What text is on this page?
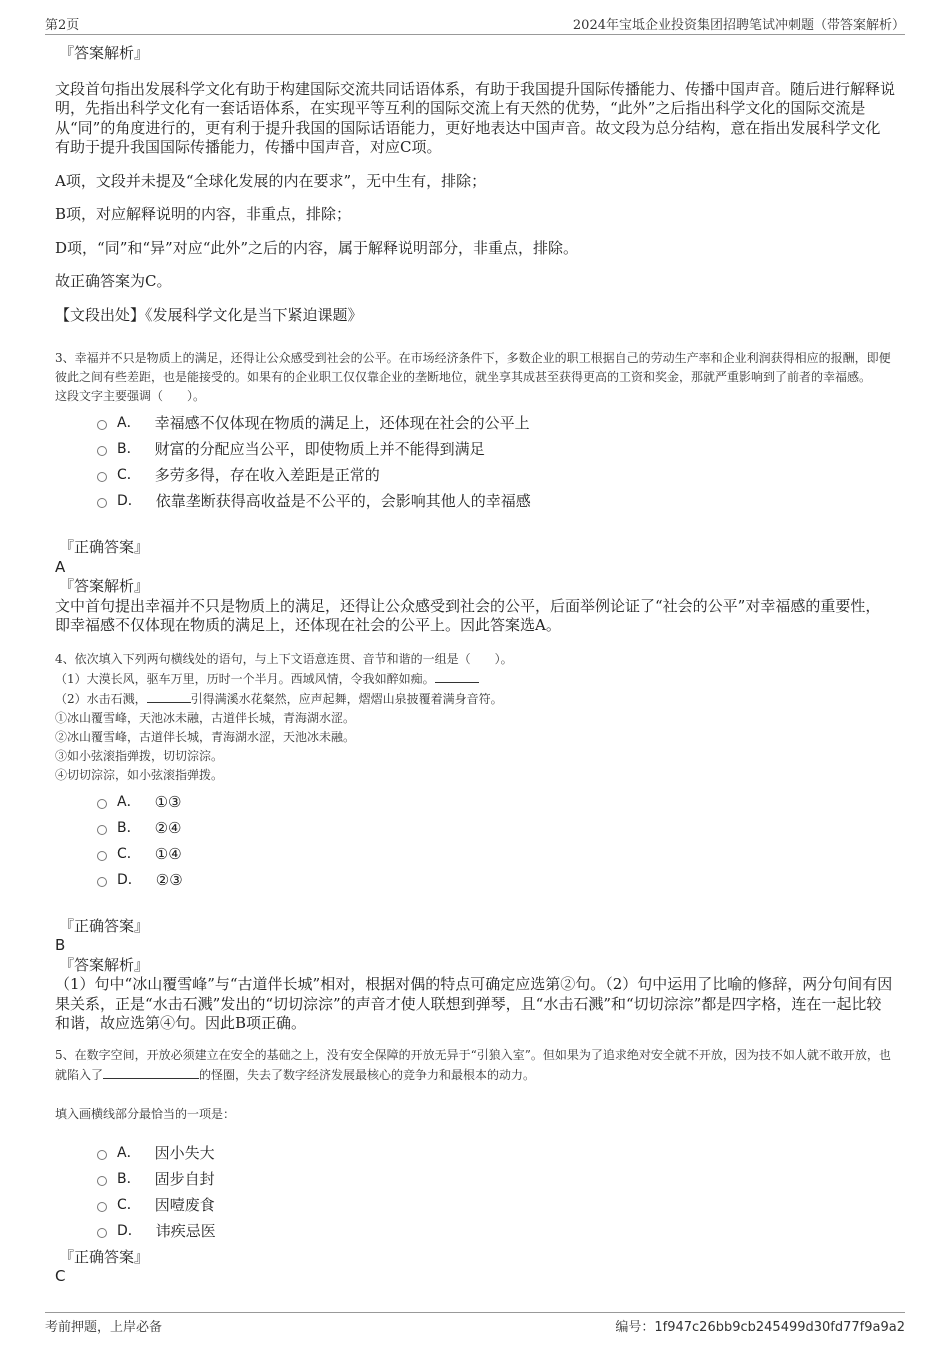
第2页	2024年宝坻企业投资集团招聘笔试冲刺题（带答案解析）
『答案解析』

文段首句指出发展科学文化有助于构建国际交流共同话语体系，有助于我国提升国际传播能力、传播中国声音。随后进行解释说明，先指出科学文化有一套话语体系，在实现平等互利的国际交流上有天然的优势，“此外”之后指出科学文化的国际交流是从“同”的角度进行的，更有利于提升我国的国际话语能力，更好地表达中国声音。故文段为总分结构，意在指出发展科学文化有助于提升我国国际传播能力，传播中国声音，对应C项。

A项，文段并未提及“全球化发展的内在要求”，无中生有，排除；

B项，对应解释说明的内容，非重点，排除；

D项，“同”和“异”对应“此外”之后的内容，属于解释说明部分，非重点，排除。

故正确答案为C。

【文段出处】《发展科学文化是当下紧迫课题》

3、幸福并不只是物质上的满足，还得让公众感受到社会的公平。在市场经济条件下，多数企业的职工根据自己的劳动生产率和企业利润获得相应的报酬，即便彼此之间有些差距，也是能接受的。如果有的企业职工仅仅靠企业的垄断地位，就坐享其成甚至获得更高的工资和奖金，那就严重影响到了前者的幸福感。

这段文字主要强调（　　）。

A． 幸福感不仅体现在物质的满足上，还体现在社会的公平上
B． 财富的分配应当公平，即使物质上并不能得到满足
C． 多劳多得，存在收入差距是正常的
D． 依靠垄断获得高收益是不公平的，会影响其他人的幸福感
『正确答案』
A
『答案解析』

文中首句提出幸福并不只是物质上的满足，还得让公众感受到社会的公平，后面举例论证了“社会的公平”对幸福感的重要性，即幸福感不仅体现在物质的满足上，还体现在社会的公平上。因此答案选A。

4、依次填入下列两句横线处的语句，与上下文语意连贯、音节和谐的一组是（　　）。

（1）大漠长风，驱车万里，历时一个半月。西域风情，令我如醉如痴。

（2）水击石溅，	引得满溪水花粲然，应声起舞，熠熠山泉披覆着满身音符。

①冰山覆雪峰，天池冰未融，古道伴长城，青海湖水涩。

②冰山覆雪峰，古道伴长城，青海湖水涩，天池冰未融。

③如小弦滚指弹拨，切切淙淙。

④切切淙淙，如小弦滚指弹拨。

A． ①③
B． ②④
C． ①④
D． ②③
『正确答案』
B
『答案解析』

（1）句中“冰山覆雪峰”与“古道伴长城”相对，根据对偶的特点可确定应选第②句。（2）句中运用了比喻的修辞，两分句间有因果关系，正是“水击石溅”发出的“切切淙淙”的声音才使人联想到弹琴，且“水击石溅”和“切切淙淙”都是四字格，连在一起比较和谐，故应选第④句。因此B项正确。

5、在数字空间，开放必须建立在安全的基础之上，没有安全保障的开放无异于“引狼入室”。但如果为了追求绝对安全就不开放，因为技不如人就不敢开放，也就陷入了	的怪圈，失去了数字经济发展最核心的竞争力和最根本的动力。

填入画横线部分最恰当的一项是：

A． 因小失大
B． 固步自封
C． 因噎废食
D． 讳疾忌医
『正确答案』
C
考前押题，上岸必备	编号：1f947c26bb9cb245499d30fd77f9a9a2
